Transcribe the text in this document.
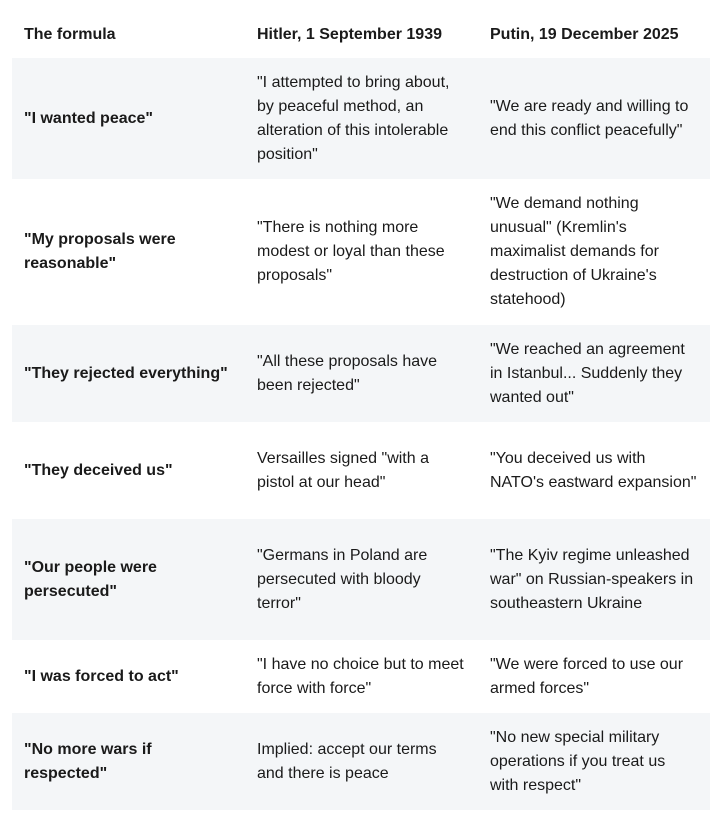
The formula	Hitler, 1 September 1939	Putin, 19 December 2025
"I wanted peace"	"I attempted to bring about, by peaceful method, an alteration of this intolerable position"	"We are ready and willing to end this conflict peacefully"
"My proposals were reasonable"	"There is nothing more modest or loyal than these proposals"	"We demand nothing unusual" (Kremlin's maximalist demands for destruction of Ukraine's statehood)
"They rejected everything"	"All these proposals have been rejected"	"We reached an agreement in Istanbul... Suddenly they wanted out"
"They deceived us"	Versailles signed "with a pistol at our head"	"You deceived us with NATO's eastward expansion"
"Our people were persecuted"	"Germans in Poland are persecuted with bloody terror"	"The Kyiv regime unleashed war" on Russian-speakers in southeastern Ukraine
"I was forced to act"	"I have no choice but to meet force with force"	"We were forced to use our armed forces"
"No more wars if respected"	Implied: accept our terms and there is peace	"No new special military operations if you treat us with respect"
